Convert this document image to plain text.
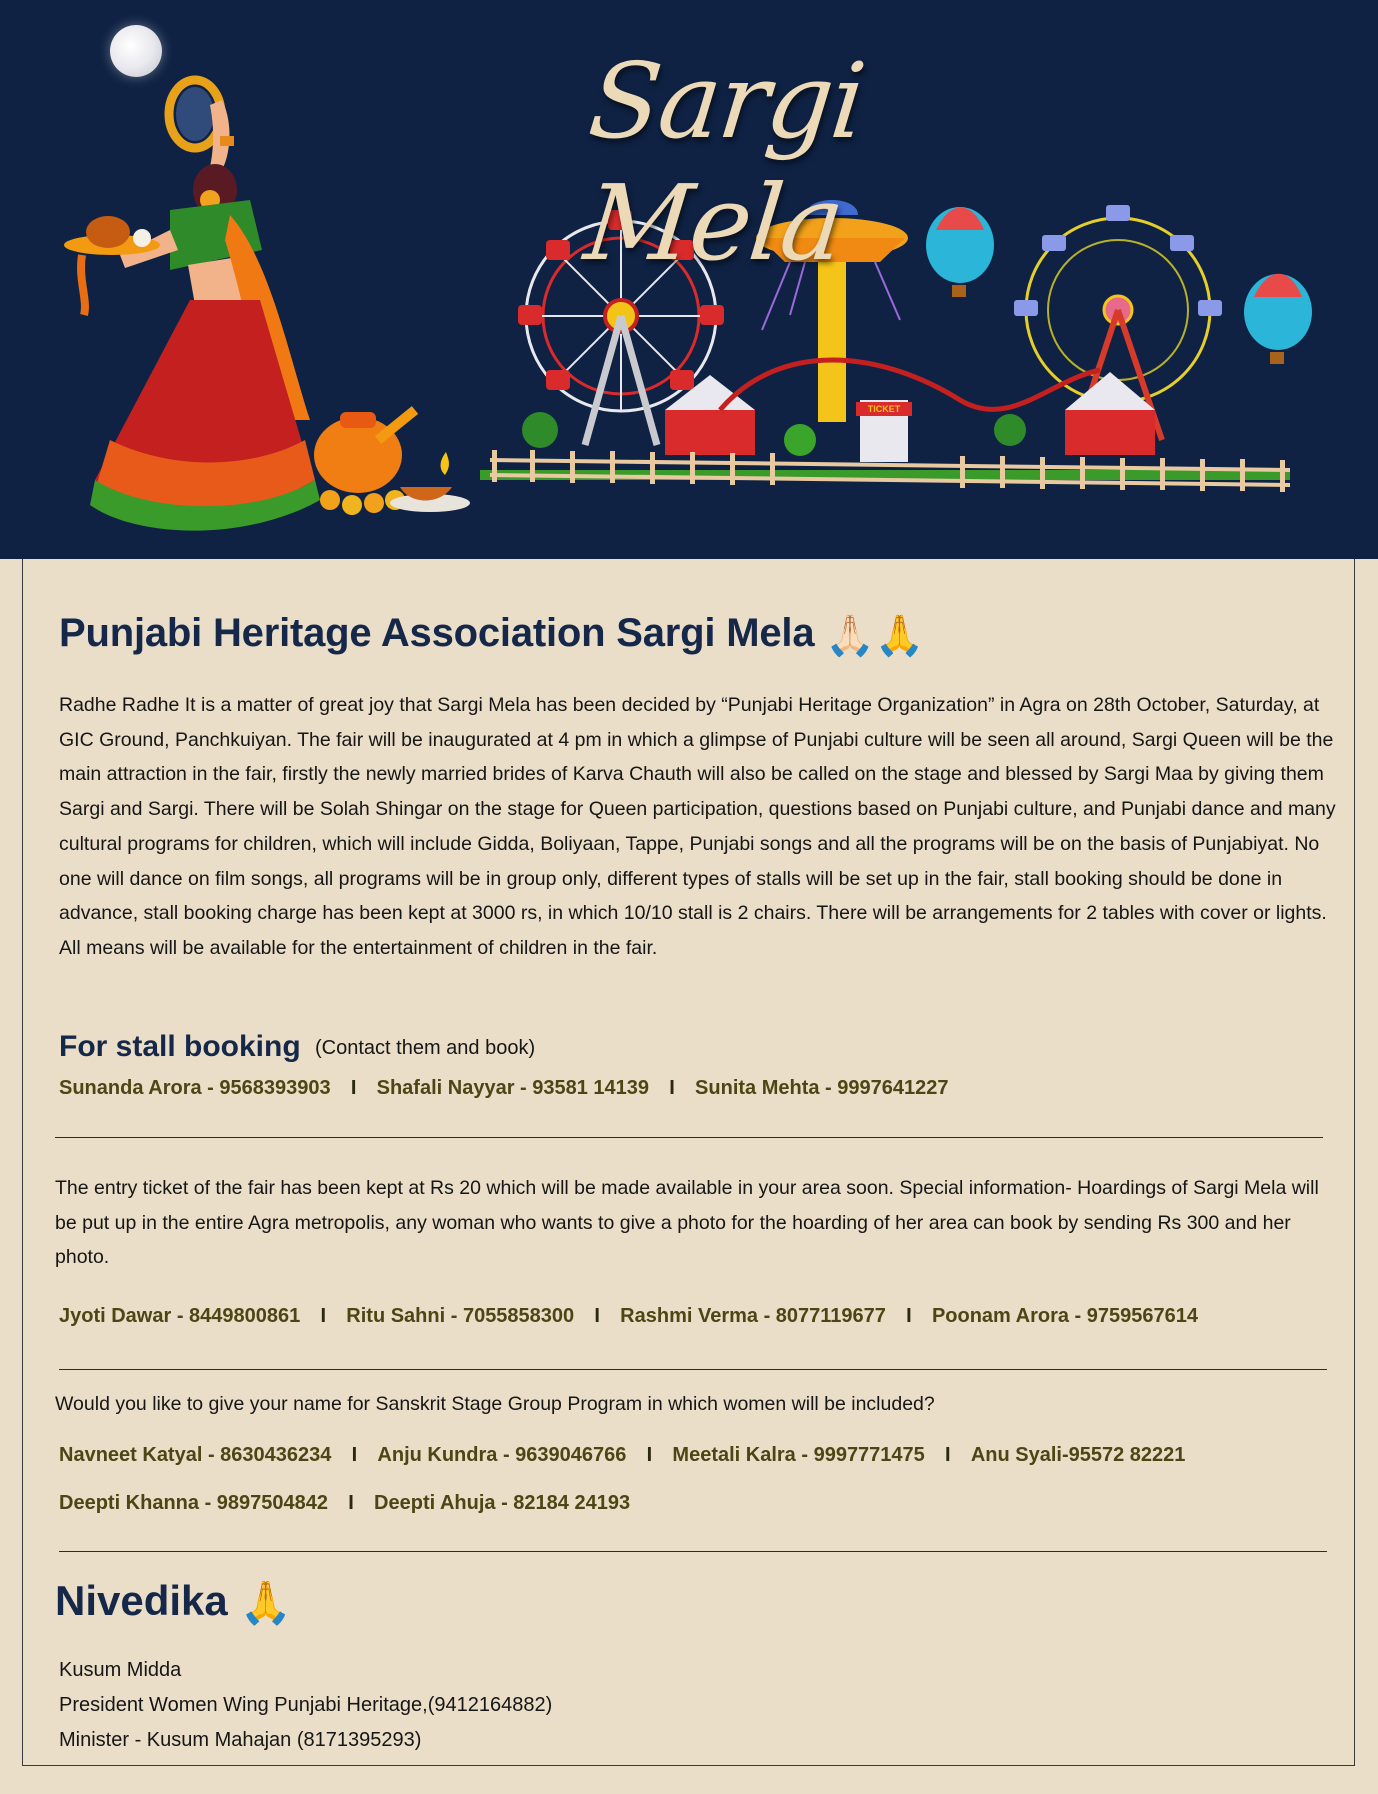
TICKET
Sargi Mela
Punjabi Heritage Association Sargi Mela 🙏🏻🙏
Radhe Radhe It is a matter of great joy that Sargi Mela has been decided by “Punjabi Heritage Organization” in Agra on 28th October, Saturday, at GIC Ground, Panchkuiyan. The fair will be inaugurated at 4 pm in which a glimpse of Punjabi culture will be seen all around, Sargi Queen will be the main attraction in the fair, firstly the newly married brides of Karva Chauth will also be called on the stage and blessed by Sargi Maa by giving them Sargi and Sargi. There will be Solah Shingar on the stage for Queen participation, questions based on Punjabi culture, and Punjabi dance and many cultural programs for children, which will include Gidda, Boliyaan, Tappe, Punjabi songs and all the programs will be on the basis of Punjabiyat. No one will dance on film songs, all programs will be in group only, different types of stalls will be set up in the fair, stall booking should be done in advance, stall booking charge has been kept at 3000 rs, in which 10/10 stall is 2 chairs. There will be arrangements for 2 tables with cover or lights. All means will be available for the entertainment of children in the fair.
For stall booking (Contact them and book)
Sunanda Arora - 9568393903 I Shafali Nayyar - 93581 14139 I Sunita Mehta - 9997641227
The entry ticket of the fair has been kept at Rs 20 which will be made available in your area soon. Special information- Hoardings of Sargi Mela will be put up in the entire Agra metropolis, any woman who wants to give a photo for the hoarding of her area can book by sending Rs 300 and her photo.
Jyoti Dawar - 8449800861 I Ritu Sahni - 7055858300 I Rashmi Verma - 8077119677 I Poonam Arora - 9759567614
Would you like to give your name for Sanskrit Stage Group Program in which women will be included?
Navneet Katyal - 8630436234 I Anju Kundra - 9639046766 I Meetali Kalra - 9997771475 I Anu Syali-95572 82221
Deepti Khanna - 9897504842 I Deepti Ahuja - 82184 24193
Nivedika 🙏
Kusum Midda
President Women Wing Punjabi Heritage,(9412164882)
Minister - Kusum Mahajan (8171395293)
